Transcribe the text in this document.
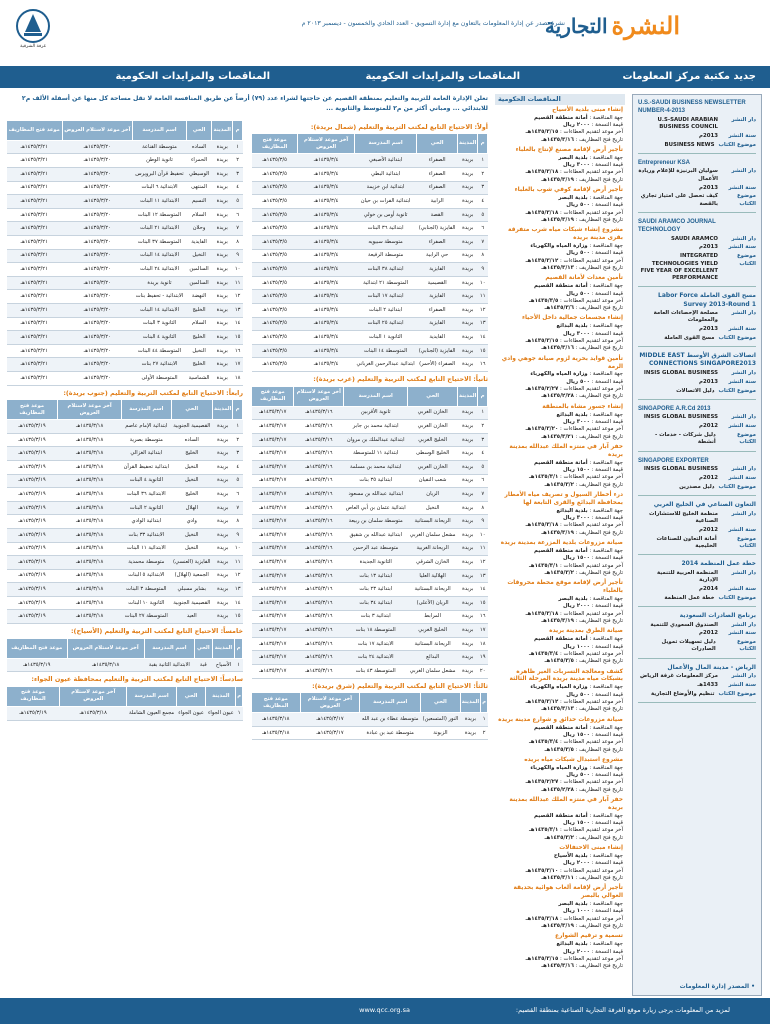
النشرة
التجارية
نشرة تصدر عن إدارة المعلومات بالتعاون مع إدارة التسويق - العدد الحادي والخمسون - ديسمبر ٢٠١٣ م
غرفة الشرقية
جديد مكتبة مركز المعلومات
المناقصات والمزايدات الحكومية
المناقصات والمزايدات الحكومية
U.S.-SAUDI BUSINESS NEWSLETTER NUMBER-4-2013
دار النشر
U.S-SAUDI ARABIAN BUSINESS COUNCIL
سنة النشر
2013م
موضوع الكتاب
BUSINESS NEWS
Entrepreneur KSA
دار النشر
سوليان البرنيزة للإعلام وريادة الأعمال
سنة النشر
2013م
موضوع الكتاب
كيف تحصل على امتياز تجاري بالقصة
SAUDI ARAMCO JOURNAL TECHNOLOGY
دار النشر
SAUDI ARAMCO
سنة النشر
2013م
موضوع الكتاب
INTEGRATED TECHNOLOGIES YIELD FIVE YEAR OF EXCELLENT PERFORMANCE
مسح القوى العاملة Labor Force Survey 2013-Round 1
دار النشر
مصلحة الإحصاءات العامة والمعلومات
سنة النشر
2013م
موضوع الكتاب
مسح القوى العاملة
اتصالات الشرق الأوسط MIDDLE EAST CONNECTIONS SINGAPORE2013
دار النشر
INSIS GLOBAL BUSINESS
سنة النشر
2013م
موضوع الكتاب
دليل الاتصالات
SINGAPORE A.R.Cd 2013
دار النشر
INSIS GLOBAL BUSINESS
سنة النشر
2012م
موضوع الكتاب
دليل شركات - خدمات - أنشطة
SINGAPORE EXPORTER
دار النشر
INSIS GLOBAL BUSINESS
سنة النشر
2012م
موضوع الكتاب
دليل مصدرين
التعاون الصناعي في الخليج العربي
دار النشر
منظمة الخليج للاستشارات الصناعية
سنة النشر
2012م
موضوع الكتاب
أمانة التعاون للصناعات الخليجية
خطة عمل المنظمة 2014
دار النشر
المنظمة العربية للتنمية الإدارية
سنة النشر
2014م
موضوع الكتاب
خطة عمل المنظمة
برنامج الصادرات السعودية
دار النشر
الصندوق السعودي للتنمية
سنة النشر
2012م
موضوع الكتاب
دليل تسهيلات تمويل الصادرات
الرياض - مدينة المال والأعمال
دار النشر
مركز المعلومات غرفة الرياض
سنة النشر
1433هـ
موضوع الكتاب
تنظيم والأوضاع التجارية
• المصدر إدارة المعلومات
المناقصات الحكومية
إنشاء مبنى بلدية الأسياح
جهة المناقصة : أمانة منطقة القصيم
قيمة النسخة : ٢٠٠٠ ريال
آخر موعد لتقديم العطاءات : ١٤٣٥/٣/١٥هـ
تاريخ فتح المظاريف : ١٤٣٥/٣/١٦هـ
تأجير أرض لإقامة مصنع لإنتاج بالعلباء
جهة المناقصة : بلدية البصر
قيمة النسخة : ٣٠٠٠ ريال
آخر موعد لتقديم العطاءات : ١٤٣٥/٣/١٨هـ
تاريخ فتح المظاريف : ١٤٣٥/٣/١٩هـ
تأجير أرض لإقامة كوفي شوب بالعلباء
جهة المناقصة : بلدية البصر
قيمة النسخة : ٥٠٠ ريال
آخر موعد لتقديم العطاءات : ١٤٣٥/٣/١٨هـ
تاريخ فتح المظاريف : ١٤٣٥/٣/١٩هـ
مشروع إنشاء شبكات مياه شرب متفرقة بقرى مدينة بريدة
جهة المناقصة : وزارة المياه والكهرباء
قيمة النسخة : ٥٠٠ ريال
آخر موعد لتقديم العطاءات : ١٤٣٥/٣/١٢هـ
تاريخ فتح المظاريف : ١٤٣٥/٣/١٣هـ
تأمين معدات لأمانة القصيم
جهة المناقصة : أمانة منطقة القصيم
قيمة النسخة : ٥٠٠ ريال
آخر موعد لتقديم العطاءات : ١٤٣٥/٣/٥هـ
تاريخ فتح المظاريف : ١٤٣٥/٣/٦هـ
إنشاء مجسمات جمالية داخل الأحياء
جهة المناقصة : بلدية البدائع
قيمة النسخة : ٣٠٠٠ ريال
آخر موعد لتقديم العطاءات : ١٤٣٥/٣/١٥هـ
تاريخ فتح المظاريف : ١٤٣٥/٣/١٦هـ
تأمين قوايد بحرية لزوم صيانة جوهي وادي الرمة
جهة المناقصة : وزارة المياه والكهرباء
قيمة النسخة : ٥٠٠ ريال
آخر موعد لتقديم العطاءات : ١٤٣٥/٢/٢٧هـ
تاريخ فتح المظاريف : ١٤٣٥/٢/٢٨هـ
إنشاء جسور مشاة بالمنطقة
جهة المناقصة : بلدية البدائع
قيمة النسخة : ٣٠٠٠ ريال
آخر موعد لتقديم العطاءات : ١٤٣٥/٣/٢٠هـ
تاريخ فتح المظاريف : ١٤٣٥/٣/٢١هـ
حفر آبار في منتزه الملك عبدالله بمدينة بريدة
جهة المناقصة : أمانة منطقة القصيم
قيمة النسخة : ١٥٠٠ ريال
آخر موعد لتقديم العطاءات : ١٤٣٥/٣/١هـ
تاريخ فتح المظاريف : ١٤٣٥/٣/٢هـ
درء أخطار السيول و تصريف مياه الأمطار بمحافظة البدائع والقرى التابعة لها
جهة المناقصة : بلدية البدائع
قيمة النسخة : ٣٠٠٠ ريال
آخر موعد لتقديم العطاءات : ١٤٣٥/٣/١٨هـ
تاريخ فتح المظاريف : ١٤٣٥/٣/١٩هـ
صيانة مزروعات بلدية المزرعة بمدينة بريدة
جهة المناقصة : أمانة منطقة القصيم
قيمة النسخة : ١٥٠٠ ريال
آخر موعد لتقديم العطاءات : ١٤٣٥/٣/١هـ
تاريخ فتح المظاريف : ١٤٣٥/٣/٢هـ
تأجير أرض لإقامة موقع محطة محروقات بالعلباء
جهة المناقصة : بلدية البصر
قيمة النسخة : ٢٠٠٠ ريال
آخر موعد لتقديم العطاءات : ١٤٣٥/٣/١٨هـ
تاريخ فتح المظاريف : ١٤٣٥/٣/١٩هـ
صيانة الطرق بمدينة بريدة
جهة المناقصة : أمانة منطقة القصيم
قيمة النسخة : ١٠٠٠ ريال
آخر موعد لتقديم العطاءات : ١٤٣٥/٣/٤هـ
تاريخ فتح المظاريف : ١٤٣٥/٣/٥هـ
كشف ومعالجة التسربات الغير ظاهرة بشبكات مياه مدينة بريدة المرحلة الثالثة
جهة المناقصة : وزارة المياه والكهرباء
قيمة النسخة : ٥٠٠ ريال
آخر موعد لتقديم العطاءات : ١٤٣٥/٣/١٢هـ
تاريخ فتح المظاريف : ١٤٣٥/٣/١٣هـ
صيانة مزروعات حدائق و شوارع مدينة بريدة
جهة المناقصة : أمانة منطقة القصيم
قيمة النسخة : ١٥٠٠ ريال
آخر موعد لتقديم العطاءات : ١٤٣٥/٣/٤هـ
تاريخ فتح المظاريف : ١٤٣٥/٣/٥هـ
مشروع استبدال شبكات مياه بريده
جهة المناقصة : وزارة المياه والكهرباء
قيمة النسخة : ٥٠٠ ريال
آخر موعد لتقديم العطاءات : ١٤٣٥/٢/٢٧هـ
تاريخ فتح المظاريف : ١٤٣٥/٢/٢٨هـ
حفر آبار في منتزه الملك عبدالله بمدينة بريدة
جهة المناقصة : أمانة منطقة القصيم
قيمة النسخة : ١٥٠٠ ريال
آخر موعد لتقديم العطاءات : ١٤٣٥/٣/١هـ
تاريخ فتح المظاريف : ١٤٣٥/٣/٢هـ
إنشاء مبنى الاحتفالات
جهة المناقصة : بلدية الأسياح
قيمة النسخة : ٢٠٠٠ ريال
آخر موعد لتقديم العطاءات : ١٤٣٥/٣/١٠هـ
تاريخ فتح المظاريف : ١٤٣٥/٣/١١هـ
تأجير أرض لإقامة ألعاب هوائية بحديقة العوالي بالبصر
جهة المناقصة : بلدية البصر
قيمة النسخة : ١٠٠٠ ريال
آخر موعد لتقديم العطاءات : ١٤٣٥/٣/١٨هـ
تاريخ فتح المظاريف : ١٤٣٥/٣/١٩هـ
تسمية و ترقيم الشوارع
جهة المناقصة : بلدية البدائع
قيمة النسخة : ٢٠٠٠ ريال
آخر موعد لتقديم العطاءات : ١٤٣٥/٣/١٥هـ
تاريخ فتح المظاريف : ١٤٣٥/٣/١٦هـ
تعلن الإدارة العامة للتربية والتعليم بمنطقة القصيم عن حاجتها لشراء عدد (٧٩) أرضاً عن طريق المنافسة العامة لا تقل مساحة كل منها عن أسفلة الألف م٢ للابتدائي ... ومباني أكثر من م٢ للمتوسط والثانوية ...
أولاً: الاحتياج التابع لمكتب التربية والتعليم (شمال بريدة):
م	المدينة	الحي	اسم المدرسة	آخر موعد لاستلام العروض	موعد فتح المظاريف
١	بريدة	الصفراء	ابتدائية الأصبغي	١٤٣٥/٣/٤هـ	١٤٣٥/٣/٥هـ
٢	بريدة	الصفراء	ابتدائية البطي	١٤٣٥/٣/٤هـ	١٤٣٥/٣/٥هـ
٣	بريدة	الصفراء	ابتدائية ابن خزيمة	١٤٣٥/٣/٤هـ	١٤٣٥/٣/٥هـ
٤	بريدة	الرابية	ابتدائية الفرات بن حيان	١٤٣٥/٣/٤هـ	١٤٣٥/٣/٥هـ
٥	بريدة	القصة	ثانوية أوس بن خولي	١٤٣٥/٣/٤هـ	١٤٣٥/٣/٥هـ
٦	بريدة	الفايزية (الجنابي)	ابتدائية ٣٦ البنات	١٤٣٥/٣/٤هـ	١٤٣٥/٣/٥هـ
٧	بريدة	الصفراء	متوسطة سبيويه	١٤٣٥/٣/٤هـ	١٤٣٥/٣/٥هـ
٨	بريدة	حي الرابية	متوسطة الرفيعة	١٤٣٥/٣/٤هـ	١٤٣٥/٣/٥هـ
٩	بريدة	الفايزية	ابتدائية ٣٨ البنات	١٤٣٥/٣/٤هـ	١٤٣٥/٣/٥هـ
١٠	بريدة	القصيمية	المتوسطة ٢١ ابتدائية	١٤٣٥/٣/٤هـ	١٤٣٥/٣/٥هـ
١١	بريدة	الفايزية	ابتدائية ١٧ البنات	١٤٣٥/٣/٤هـ	١٤٣٥/٣/٥هـ
١٢	بريدة	الصفراء	ابتدائية ٢ البنات	١٤٣٥/٣/٤هـ	١٤٣٥/٣/٥هـ
١٣	بريدة	الفايزية	ابتدائية ٢٥ البنات	١٤٣٥/٣/٤هـ	١٤٣٥/٣/٥هـ
١٤	بريدة	القايدية	الثانوية ١ البنات	١٤٣٥/٣/٤هـ	١٤٣٥/٣/٥هـ
١٥	بريدة	الفايزية (الجنابي)	المتوسطة ١٤ البنات	١٤٣٥/٣/٤هـ	١٤٣٥/٣/٥هـ
١٦	بريدة	الصفراء (الأحمر)	ابتدائية عبدالرحمن الغرباني	١٤٣٥/٣/٤هـ	١٤٣٥/٣/٥هـ
ثانياً: الاحتياج التابع لمكتب التربية والتعليم (غرب بريدة):
م	المدينة	الحي	اسم المدرسة	آخر موعد لاستلام العروض	موعد فتح المظاريف
١	بريدة	الخازن الغربي	ثانوية الأقربين	١٤٣٥/٣/١٦هـ	١٤٣٥/٣/١٧هـ
٢	بريدة	الخازن الغربي	ابتدائية محمد بن جابر	١٤٣٥/٣/١٦هـ	١٤٣٥/٣/١٧هـ
٣	بريدة	الخليج الغربي	ابتدائية عبدالملك بن مروان	١٤٣٥/٣/١٦هـ	١٤٣٥/٣/١٧هـ
٤	بريدة	الخليج الوسطى	ابتدائية ١١ للمتوسطة	١٤٣٥/٣/١٦هـ	١٤٣٥/٣/١٧هـ
٥	بريدة	الخازن الغربي	ابتدائية محمد بن مسلمة	١٤٣٥/٣/١٦هـ	١٤٣٥/٣/١٧هـ
٦	بريدة	شعب النفيان	ابتدائية ٣٥ بنات	١٤٣٥/٣/١٦هـ	١٤٣٥/٣/١٧هـ
٧	بريدة	الريان	ابتدائية عبدالله بن مسعود	١٤٣٥/٣/١٦هـ	١٤٣٥/٣/١٧هـ
٨	بريدة	النخيل	ابتدائية عثمان بن أبي العاص	١٤٣٥/٣/١٦هـ	١٤٣٥/٣/١٧هـ
٩	بريدة	الريحانة البستانية	متوسطة سلمان بن ربيعة	١٤٣٥/٣/١٦هـ	١٤٣٥/٣/١٧هـ
١٠	بريدة	مشعل سلمان الغربي	ابتدائية عبدالله بن شقيق	١٤٣٥/٣/١٦هـ	١٤٣٥/٣/١٧هـ
١١	بريدة	الريحانة الغربية	متوسطة عبد الرحمن	١٤٣٥/٣/١٦هـ	١٤٣٥/٣/١٧هـ
١٢	بريدة	الخازن الشرقي	الثانوية الجديدة	١٤٣٥/٣/١٦هـ	١٤٣٥/٣/١٧هـ
١٣	بريدة	الهلالية العليا	ابتدائية ١٣ بنات	١٤٣٥/٣/١٦هـ	١٤٣٥/٣/١٧هـ
١٤	بريدة	الريحانة البستانية	ابتدائية ٢٣ بنات	١٤٣٥/٣/١٦هـ	١٤٣٥/٣/١٧هـ
١٥	بريدة	الريان (الأعلى)	ابتدائية ٣٤ بنات	١٤٣٥/٣/١٦هـ	١٤٣٥/٣/١٧هـ
١٦	بريدة	المرابط	ابتدائية ٣ بنات	١٤٣٥/٣/١٦هـ	١٤٣٥/٣/١٧هـ
١٧	بريدة	الخليج الغربي	المتوسطة ١٨ بنات	١٤٣٥/٣/١٦هـ	١٤٣٥/٣/١٧هـ
١٨	بريدة	الريحانة البستانية	الابتدائية ١٧ بنات	١٤٣٥/٣/١٦هـ	١٤٣٥/٣/١٧هـ
١٩	بريدة	البدائع	الابتدائية ٢٤ بنات	١٤٣٥/٣/١٦هـ	١٤٣٥/٣/١٧هـ
٢٠	بريدة	مشعل سلمان الغربي	المتوسطة ٤٣ بنات	١٤٣٥/٣/١٦هـ	١٤٣٥/٣/١٧هـ
ثالثاً: الاحتياج التابع لمكتب التربية والتعليم (شرق بريدة):
م	المدينة	الحي	اسم المدرسة	آخر موعد لاستلام العروض	موعد فتح المظاريف
١	بريدة	النور (المتسعين)	متوسطة عطاء بن عبد الله	١٤٣٥/٣/١٧هـ	١٤٣٥/٣/١٨هـ
٢	بريدة	الزبونة	متوسطة عبد بن عبادة	١٤٣٥/٣/١٧هـ	١٤٣٥/٣/١٨هـ
م	المدينة	الحي	اسم المدرسة	آخر موعد لاستلام العروض	موعد فتح المظاريف
١	بريدة	الساده	متوسطة القناعة	١٤٣٥/٣/٢٠هـ	١٤٣٥/٣/٢١هـ
٢	بريدة	الحمراء	ثانوية الوطن	١٤٣٥/٣/٢٠هـ	١٤٣٥/٣/٢١هـ
٣	بريدة	الوسيطي	تحفيظ قرآن البرويرس	١٤٣٥/٣/٢٠هـ	١٤٣٥/٣/٢١هـ
٤	بريدة	المنتهى	الابتدائية ٦ البنات	١٤٣٥/٣/٢٠هـ	١٤٣٥/٣/٢١هـ
٥	بريدة	النسيم	الابتدائية ١١ البنات	١٤٣٥/٣/٢٠هـ	١٤٣٥/٣/٢١هـ
٦	بريدة	السلام	المتوسطة ١٢ البنات	١٤٣٥/٣/٢٠هـ	١٤٣٥/٣/٢١هـ
٧	بريدة	وحلان	الابتدائية ٢١ البنات	١٤٣٥/٣/٢٠هـ	١٤٣٥/٣/٢١هـ
٨	بريدة	الفايدية	المتوسطة ٣٧ البنات	١٤٣٥/٣/٢٠هـ	١٤٣٥/٣/٢١هـ
٩	بريدة	النخيل	الابتدائية ١٤ البنات	١٤٣٥/٣/٢٠هـ	١٤٣٥/٣/٢١هـ
١٠	بريدة	السالمين	الابتدائية ٢٤ البنات	١٤٣٥/٣/٢٠هـ	١٤٣٥/٣/٢١هـ
١١	بريدة	السالمين	ثانوية بريدة	١٤٣٥/٣/٢٠هـ	١٤٣٥/٣/٢١هـ
١٢	بريدة	النهضة	الابتدائية - تحفيظ بنات	١٤٣٥/٣/٢٠هـ	١٤٣٥/٣/٢١هـ
١٣	بريدة	الخليج	الابتدائية ١٤ البنات	١٤٣٥/٣/٢٠هـ	١٤٣٥/٣/٢١هـ
١٤	بريدة	السلام	الثانوية ٣ البنات	١٤٣٥/٣/٢٠هـ	١٤٣٥/٣/٢١هـ
١٥	بريدة	الخليج	الثانوية ٤ البنات	١٤٣٥/٣/٢٠هـ	١٤٣٥/٣/٢١هـ
١٦	بريدة	النخيل	المتوسطة ٤٤ البنات	١٤٣٥/٣/٢٠هـ	١٤٣٥/٣/٢١هـ
١٧	بريدة	الخليج	الابتدائية ٢٧ بنات	١٤٣٥/٣/٢٠هـ	١٤٣٥/٣/٢١هـ
١٨	بريدة	الشماسية	المتوسطة الأولى	١٤٣٥/٣/٢٠هـ	١٤٣٥/٣/٢١هـ
رابعاً: الاحتياج التابع لمكتب التربية والتعليم (جنوب بريدة):
م	المدينة	الحي	اسم المدرسة	آخر موعد لاستلام العروض	موعد فتح المظاريف
١	بريدة	القصيمية الجنوبية	ابتدائية الإمام عاصم	١٤٣٥/٣/١٨هـ	١٤٣٥/٣/١٩هـ
٢	بريدة	الساده	متوسطة بصرية	١٤٣٥/٣/١٨هـ	١٤٣٥/٣/١٩هـ
٣	بريدة	الخليج	ابتدائية الغزالي	١٤٣٥/٣/١٨هـ	١٤٣٥/٣/١٩هـ
٤	بريدة	النخيل	ابتدائية تحفيظ القرآن	١٤٣٥/٣/١٨هـ	١٤٣٥/٣/١٩هـ
٥	بريدة	النخيل	الثانوية ٤ البنات	١٤٣٥/٣/١٨هـ	١٤٣٥/٣/١٩هـ
٦	بريدة	الخليج	الابتدائية ٣٦ البنات	١٤٣٥/٣/١٨هـ	١٤٣٥/٣/١٩هـ
٧	بريدة	الهلال	الثانوية ٢ البنات	١٤٣٥/٣/١٨هـ	١٤٣٥/٣/١٩هـ
٨	بريدة	وادي	ابتدائية الوادي	١٤٣٥/٣/١٨هـ	١٤٣٥/٣/١٩هـ
٩	بريدة	النخيل	الابتدائية ٣٣ بنات	١٤٣٥/٣/١٨هـ	١٤٣٥/٣/١٩هـ
١٠	بريدة	النخيل	الابتدائية ١١ البنات	١٤٣٥/٣/١٨هـ	١٤٣٥/٣/١٩هـ
١١	بريدة	الفايزية (العنسي)	متوسطة محمدية	١٤٣٥/٣/١٨هـ	١٤٣٥/٣/١٩هـ
١٢	بريدة	الجمعية (الهلال)	الابتدائية ٥ البنات	١٤٣٥/٣/١٨هـ	١٤٣٥/٣/١٩هـ
١٣	بريدة	بشاير مسبلي	المتوسطة ٣ البنات	١٤٣٥/٣/١٨هـ	١٤٣٥/٣/١٩هـ
١٤	بريدة	القصيمية الجنوبية	الثانوية ١٠ البنات	١٤٣٥/٣/١٨هـ	١٤٣٥/٣/١٩هـ
١٥	بريدة	العيد	المتوسطة ٢٧ البنات	١٤٣٥/٣/١٨هـ	١٤٣٥/٣/١٩هـ
خامساً: الاحتياج التابع لمكتب التربية والتعليم (الأسياح):
م	المدينة	الحي	اسم المدرسة	آخر موعد لاستلام العروض	موعد فتح المظاريف
١	الأسياح	قبة	الابتدائية الثانية بقبة	١٤٣٥/٣/١٨هـ	١٤٣٥/٣/١٩هـ
سادساً: الاحتياج التابع لمكتب التربية والتعليم بمحافظة عيون الجواء:
م	المدينة	الحي	اسم المدرسة	آخر موعد لاستلام العروض	موعد فتح المظاريف
١	عيون الجواء	عيون الجواء	مجمع العيون الشاملة	١٤٣٥/٣/١٨هـ	١٤٣٥/٣/١٩هـ
لمزيد من المعلومات يرجى زيارة موقع الغرفة التجارية الصناعية بمنطقة القصيم:
www.qcc.org.sa
